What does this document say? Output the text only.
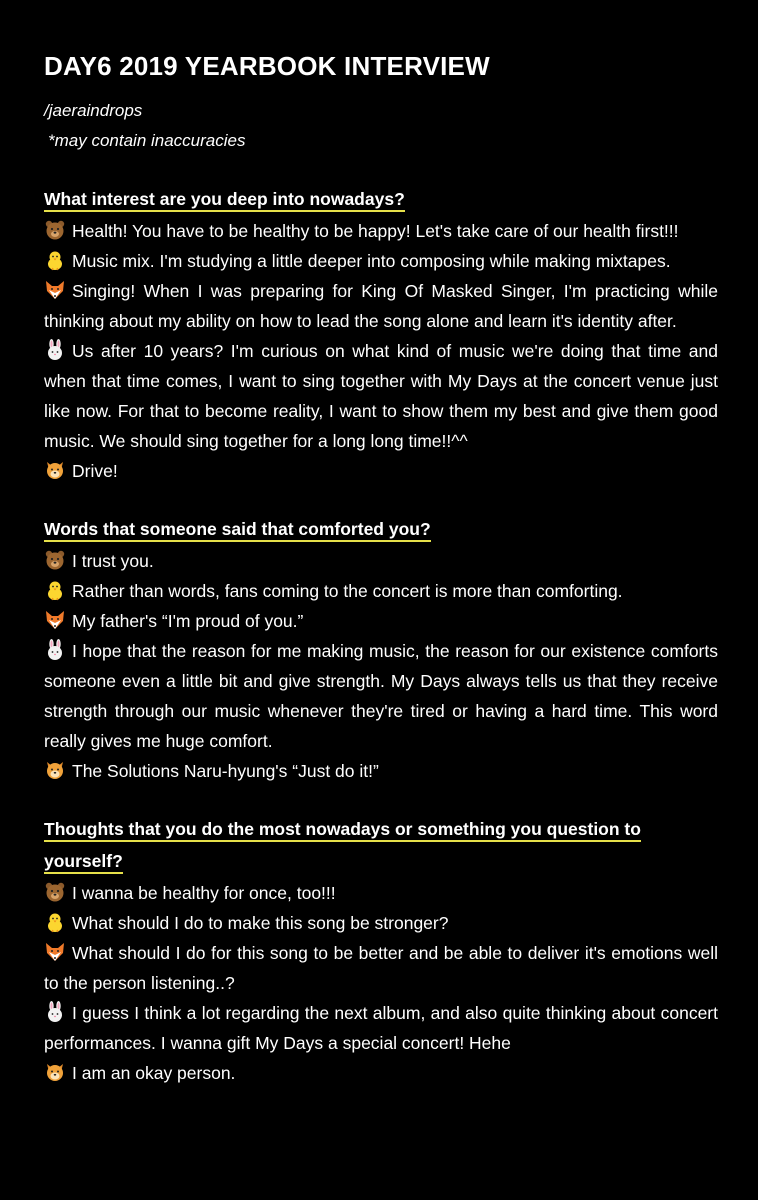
DAY6 2019 YEARBOOK INTERVIEW
/jaeraindrops
*may contain inaccuracies
What interest are you deep into nowadays?
Health! You have to be healthy to be happy! Let's take care of our health first!!!
Music mix. I'm studying a little deeper into composing while making mixtapes.
Singing! When I was preparing for King Of Masked Singer, I'm practicing while thinking about my ability on how to lead the song alone and learn it's identity after.
Us after 10 years? I'm curious on what kind of music we're doing that time and when that time comes, I want to sing together with My Days at the concert venue just like now. For that to become reality, I want to show them my best and give them good music. We should sing together for a long long time!!^^
Drive!
Words that someone said that comforted you?
I trust you.
Rather than words, fans coming to the concert is more than comforting.
My father's “I'm proud of you.”
I hope that the reason for me making music, the reason for our existence comforts someone even a little bit and give strength. My Days always tells us that they receive strength through our music whenever they're tired or having a hard time. This word really gives me huge comfort.
The Solutions Naru-hyung's “Just do it!”
Thoughts that you do the most nowadays or something you question to yourself?
I wanna be healthy for once, too!!!
What should I do to make this song be stronger?
What should I do for this song to be better and be able to deliver it's emotions well to the person listening..?
I guess I think a lot regarding the next album, and also quite thinking about concert performances. I wanna gift My Days a special concert! Hehe
I am an okay person.
